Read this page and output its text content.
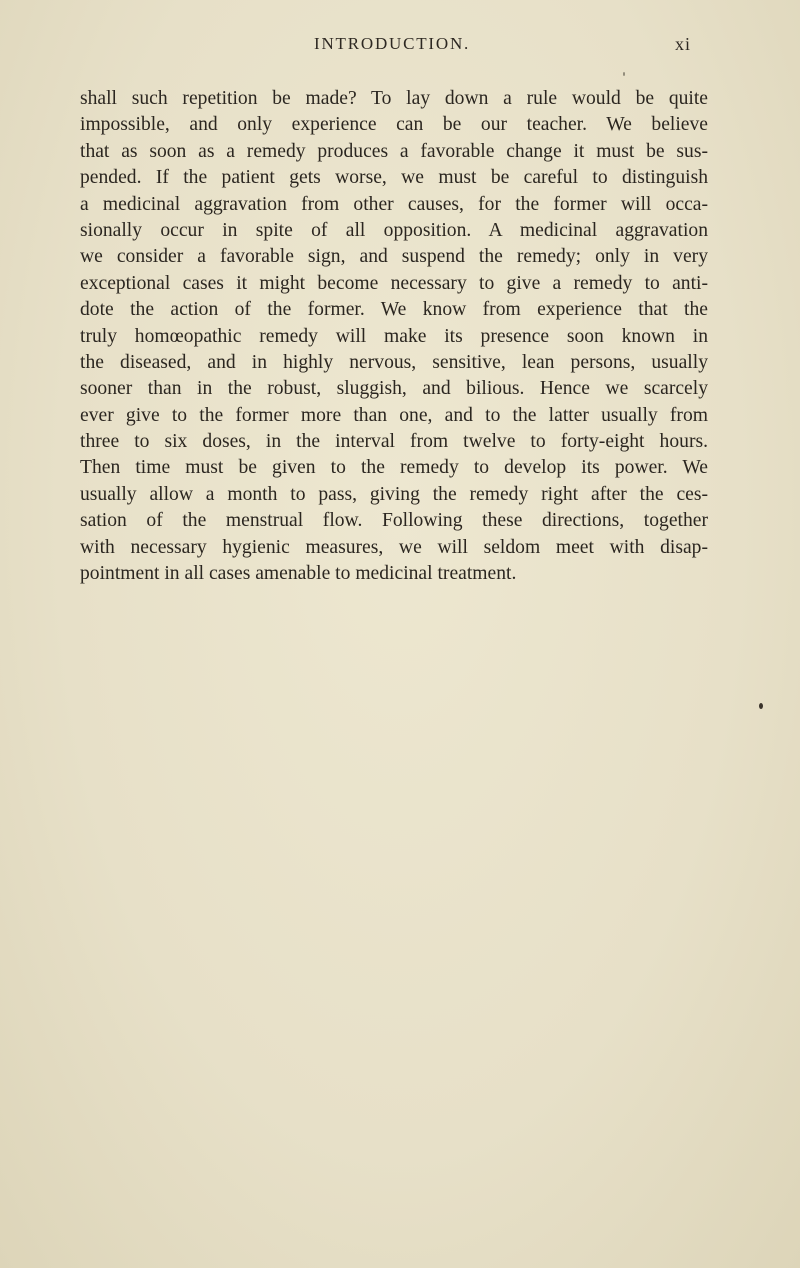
INTRODUCTION.	xi
shall such repetition be made? To lay down a rule would be quite
impossible, and only experience can be our teacher. We believe
that as soon as a remedy produces a favorable change it must be sus-
pended. If the patient gets worse, we must be careful to distinguish
a medicinal aggravation from other causes, for the former will occa-
sionally occur in spite of all opposition. A medicinal aggravation
we consider a favorable sign, and suspend the remedy; only in very
exceptional cases it might become necessary to give a remedy to anti-
dote the action of the former. We know from experience that the
truly homœopathic remedy will make its presence soon known in
the diseased, and in highly nervous, sensitive, lean persons, usually
sooner than in the robust, sluggish, and bilious. Hence we scarcely
ever give to the former more than one, and to the latter usually from
three to six doses, in the interval from twelve to forty-eight hours.
Then time must be given to the remedy to develop its power. We
usually allow a month to pass, giving the remedy right after the ces-
sation of the menstrual flow. Following these directions, together
with necessary hygienic measures, we will seldom meet with disap-
pointment in all cases amenable to medicinal treatment.
